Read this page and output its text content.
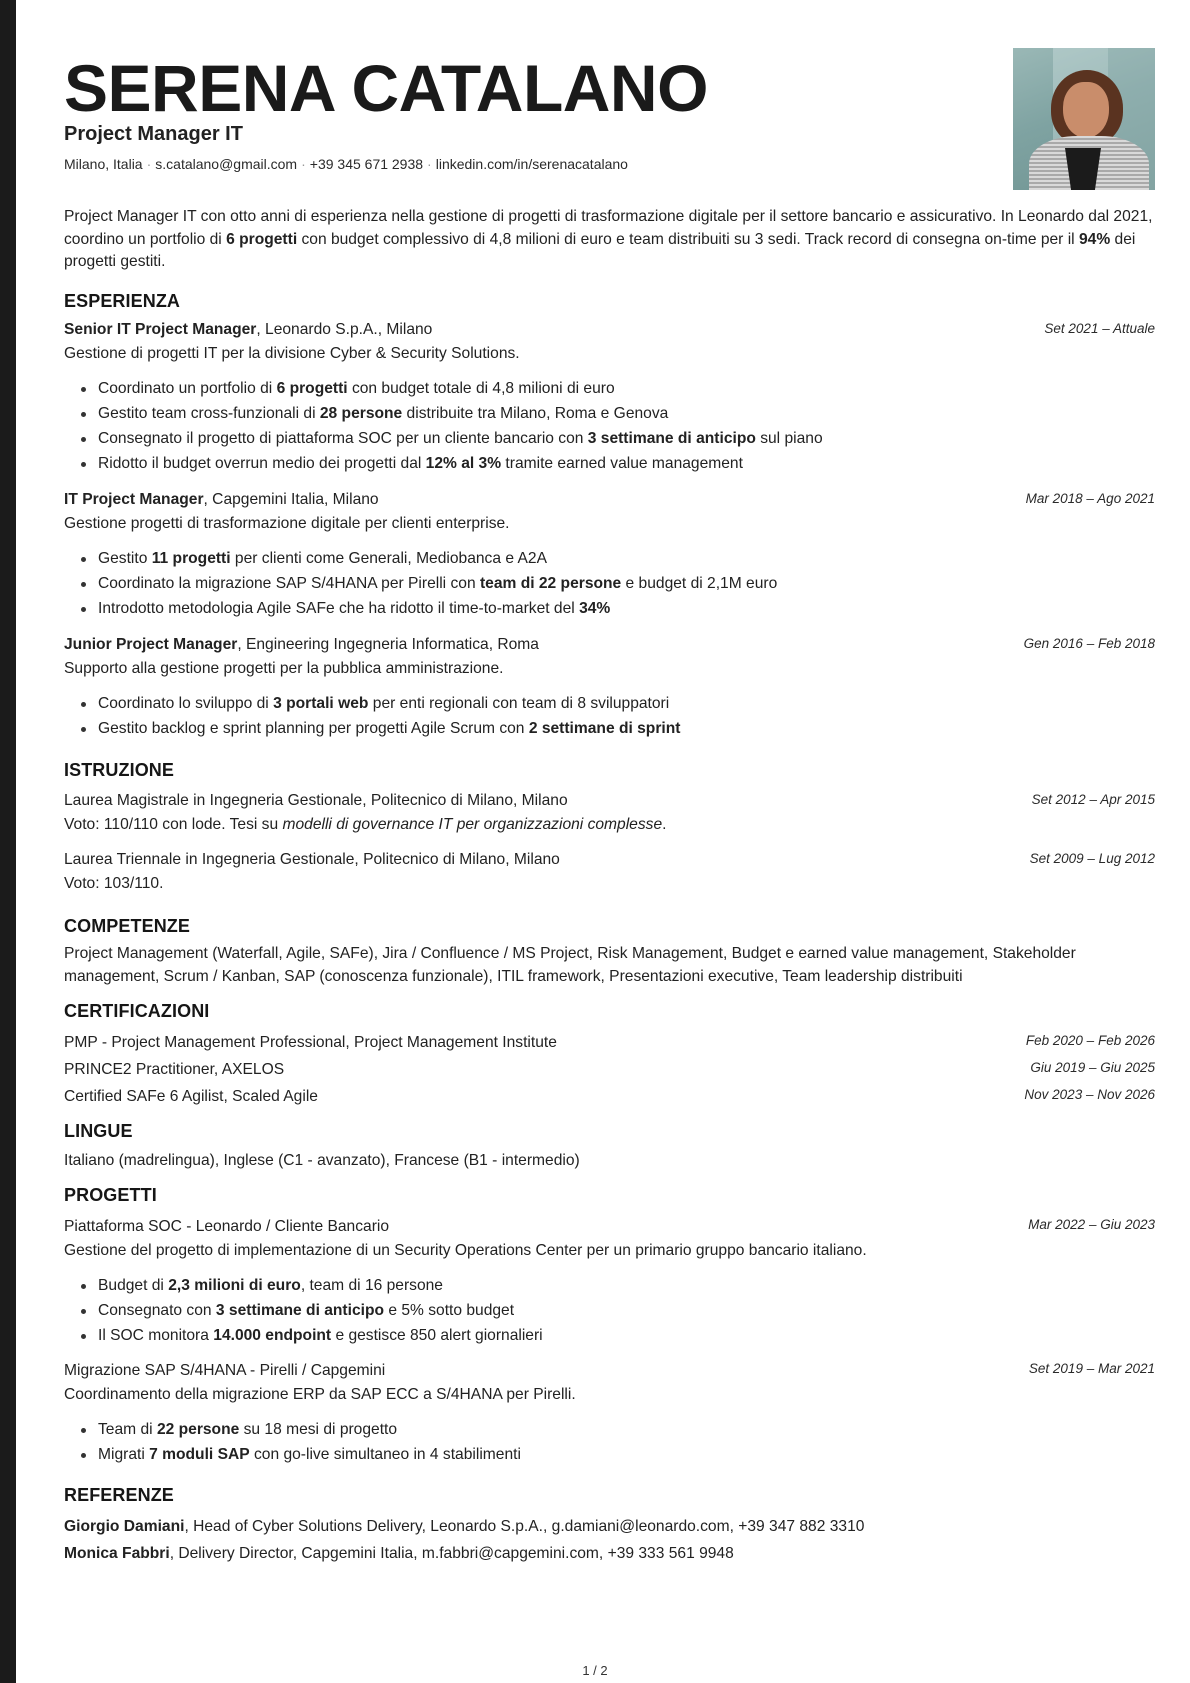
SERENA CATALANO
Project Manager IT
Milano, Italia · s.catalano@gmail.com · +39 345 671 2938 · linkedin.com/in/serenacatalano

Project Manager IT con otto anni di esperienza nella gestione di progetti di trasformazione digitale per il settore bancario e assicurativo. In Leonardo dal 2021, coordino un portfolio di 6 progetti con budget complessivo di 4,8 milioni di euro e team distribuiti su 3 sedi. Track record di consegna on-time per il 94% dei progetti gestiti.

ESPERIENZA
Senior IT Project Manager, Leonardo S.p.A., Milano	Set 2021 – Attuale
Gestione di progetti IT per la divisione Cyber & Security Solutions.
Coordinato un portfolio di 6 progetti con budget totale di 4,8 milioni di euro
Gestito team cross-funzionali di 28 persone distribuite tra Milano, Roma e Genova
Consegnato il progetto di piattaforma SOC per un cliente bancario con 3 settimane di anticipo sul piano
Ridotto il budget overrun medio dei progetti dal 12% al 3% tramite earned value management
IT Project Manager, Capgemini Italia, Milano	Mar 2018 – Ago 2021
Gestione progetti di trasformazione digitale per clienti enterprise.
Gestito 11 progetti per clienti come Generali, Mediobanca e A2A
Coordinato la migrazione SAP S/4HANA per Pirelli con team di 22 persone e budget di 2,1M euro
Introdotto metodologia Agile SAFe che ha ridotto il time-to-market del 34%
Junior Project Manager, Engineering Ingegneria Informatica, Roma	Gen 2016 – Feb 2018
Supporto alla gestione progetti per la pubblica amministrazione.
Coordinato lo sviluppo di 3 portali web per enti regionali con team di 8 sviluppatori
Gestito backlog e sprint planning per progetti Agile Scrum con 2 settimane di sprint
ISTRUZIONE
Laurea Magistrale in Ingegneria Gestionale, Politecnico di Milano, Milano	Set 2012 – Apr 2015
Voto: 110/110 con lode. Tesi su modelli di governance IT per organizzazioni complesse.
Laurea Triennale in Ingegneria Gestionale, Politecnico di Milano, Milano	Set 2009 – Lug 2012
Voto: 103/110.
COMPETENZE

Project Management (Waterfall, Agile, SAFe), Jira / Confluence / MS Project, Risk Management, Budget e earned value management, Stakeholder management, Scrum / Kanban, SAP (conoscenza funzionale), ITIL framework, Presentazioni executive, Team leadership distribuiti

CERTIFICAZIONI
PMP - Project Management Professional, Project Management Institute	Feb 2020 – Feb 2026
PRINCE2 Practitioner, AXELOS	Giu 2019 – Giu 2025
Certified SAFe 6 Agilist, Scaled Agile	Nov 2023 – Nov 2026
LINGUE
Italiano (madrelingua), Inglese (C1 - avanzato), Francese (B1 - intermedio)
PROGETTI
Piattaforma SOC - Leonardo / Cliente Bancario	Mar 2022 – Giu 2023
Gestione del progetto di implementazione di un Security Operations Center per un primario gruppo bancario italiano.
Budget di 2,3 milioni di euro, team di 16 persone
Consegnato con 3 settimane di anticipo e 5% sotto budget
Il SOC monitora 14.000 endpoint e gestisce 850 alert giornalieri
Migrazione SAP S/4HANA - Pirelli / Capgemini	Set 2019 – Mar 2021
Coordinamento della migrazione ERP da SAP ECC a S/4HANA per Pirelli.
Team di 22 persone su 18 mesi di progetto
Migrati 7 moduli SAP con go-live simultaneo in 4 stabilimenti
REFERENZE
Giorgio Damiani, Head of Cyber Solutions Delivery, Leonardo S.p.A., g.damiani@leonardo.com, +39 347 882 3310
Monica Fabbri, Delivery Director, Capgemini Italia, m.fabbri@capgemini.com, +39 333 561 9948
1 / 2
